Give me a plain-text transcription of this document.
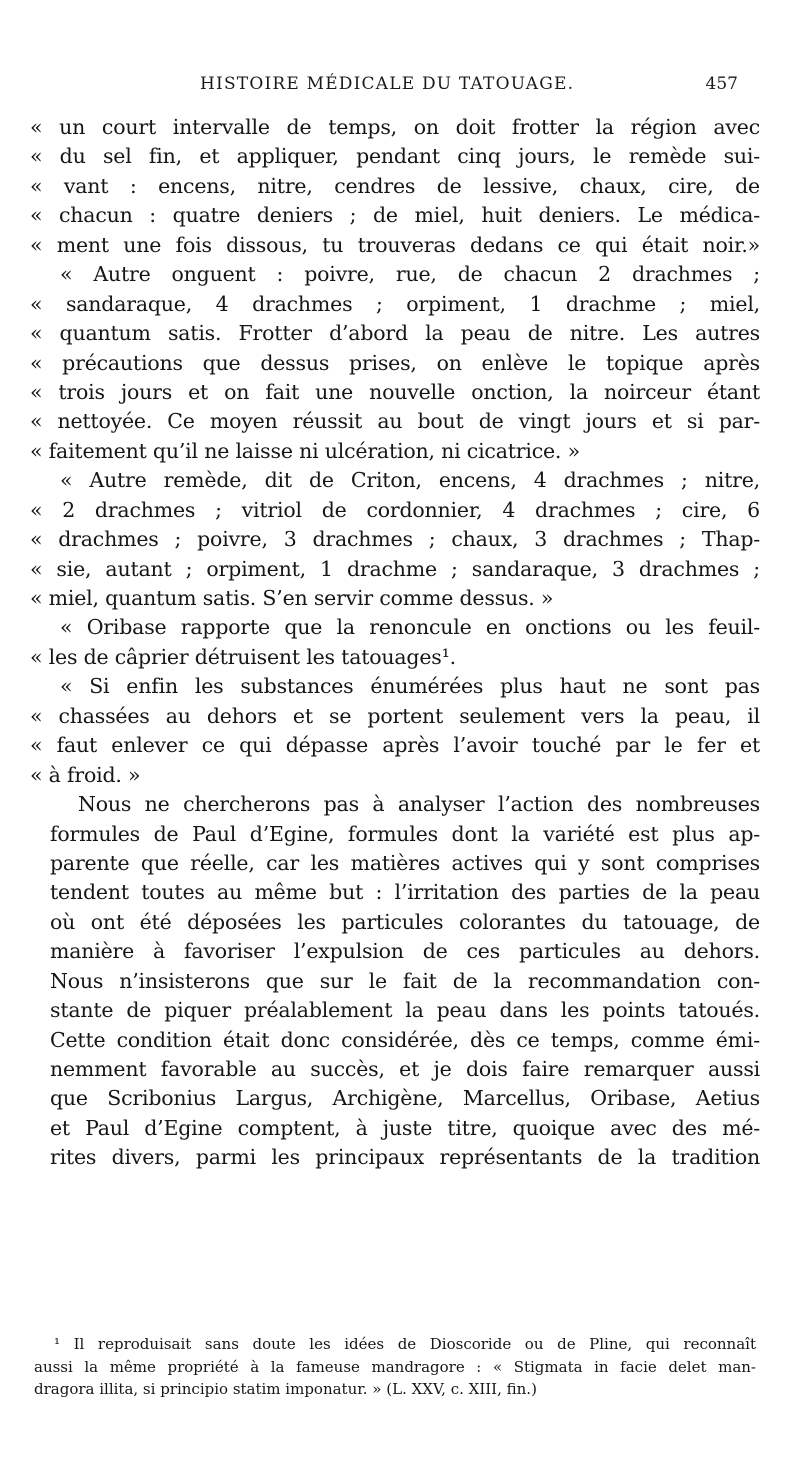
HISTOIRE MÉDICALE DU TATOUAGE.	457
« un court intervalle de temps, on doit frotter la région avec
« du sel fin, et appliquer, pendant cinq jours, le remède sui-
« vant : encens, nitre, cendres de lessive, chaux, cire, de
« chacun : quatre deniers ; de miel, huit deniers. Le médica-
« ment une fois dissous, tu trouveras dedans ce qui était noir.»
« Autre onguent : poivre, rue, de chacun 2 drachmes ;
« sandaraque, 4 drachmes ; orpiment, 1 drachme ; miel,
« quantum satis. Frotter d’abord la peau de nitre. Les autres
« précautions que dessus prises, on enlève le topique après
« trois jours et on fait une nouvelle onction, la noirceur étant
« nettoyée. Ce moyen réussit au bout de vingt jours et si par-
« faitement qu’il ne laisse ni ulcération, ni cicatrice. »
« Autre remède, dit de Criton, encens, 4 drachmes ; nitre,
« 2 drachmes ; vitriol de cordonnier, 4 drachmes ; cire, 6
« drachmes ; poivre, 3 drachmes ; chaux, 3 drachmes ; Thap-
« sie, autant ; orpiment, 1 drachme ; sandaraque, 3 drachmes ;
« miel, quantum satis. S’en servir comme dessus. »
« Oribase rapporte que la renoncule en onctions ou les feuil-
« les de câprier détruisent les tatouages¹.
« Si enfin les substances énumérées plus haut ne sont pas
« chassées au dehors et se portent seulement vers la peau, il
« faut enlever ce qui dépasse après l’avoir touché par le fer et
« à froid. »
Nous ne chercherons pas à analyser l’action des nombreuses
formules de Paul d’Egine, formules dont la variété est plus ap-
parente que réelle, car les matières actives qui y sont comprises
tendent toutes au même but : l’irritation des parties de la peau
où ont été déposées les particules colorantes du tatouage, de
manière à favoriser l’expulsion de ces particules au dehors.
Nous n’insisterons que sur le fait de la recommandation con-
stante de piquer préalablement la peau dans les points tatoués.
Cette condition était donc considérée, dès ce temps, comme émi-
nemment favorable au succès, et je dois faire remarquer aussi
que Scribonius Largus, Archigène, Marcellus, Oribase, Aetius
et Paul d’Egine comptent, à juste titre, quoique avec des mé-
rites divers, parmi les principaux représentants de la tradition
¹ Il reproduisait sans doute les idées de Dioscoride ou de Pline, qui reconnaît
aussi la même propriété à la fameuse mandragore : « Stigmata in facie delet man-
dragora illita, si principio statim imponatur. » (L. XXV, c. XIII, fin.)
